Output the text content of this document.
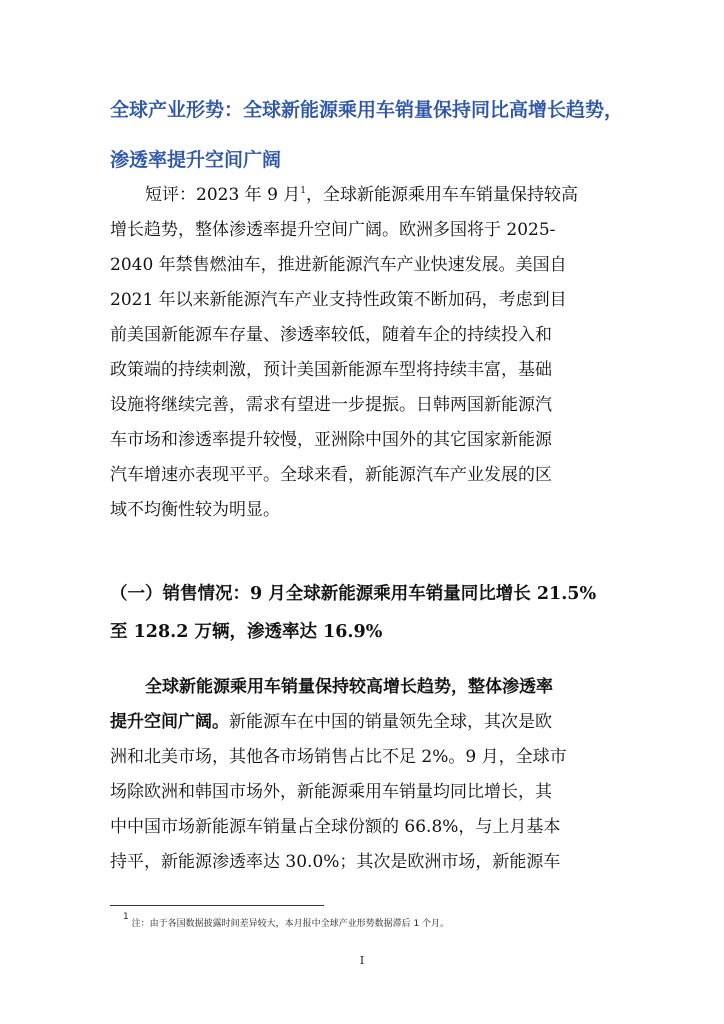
全球产业形势：全球新能源乘用车销量保持同比高增长趋势，
渗透率提升空间广阔
短评：2023 年 9 月$^1$，全球新能源乘用车车销量保持较高
增长趋势，整体渗透率提升空间广阔。欧洲多国将于 2025-
2040 年禁售燃油车，推进新能源汽车产业快速发展。美国自
2021 年以来新能源汽车产业支持性政策不断加码，考虑到目
前美国新能源车存量、渗透率较低，随着车企的持续投入和
政策端的持续刺激，预计美国新能源车型将持续丰富，基础
设施将继续完善，需求有望进一步提振。日韩两国新能源汽
车市场和渗透率提升较慢，亚洲除中国外的其它国家新能源
汽车增速亦表现平平。全球来看，新能源汽车产业发展的区
域不均衡性较为明显。
（一）销售情况：9 月全球新能源乘用车销量同比增长 21.5%
至 128.2 万辆，渗透率达 16.9%
全球新能源乘用车销量保持较高增长趋势，整体渗透率
提升空间广阔。新能源车在中国的销量领先全球，其次是欧
洲和北美市场，其他各市场销售占比不足 2%。9 月，全球市
场除欧洲和韩国市场外，新能源乘用车销量均同比增长，其
中中国市场新能源车销量占全球份额的 66.8%，与上月基本
持平，新能源渗透率达 30.0%；其次是欧洲市场，新能源车
$^1$ 注：由于各国数据披露时间差异较大，本月报中全球产业形势数据滞后 1 个月。
I
